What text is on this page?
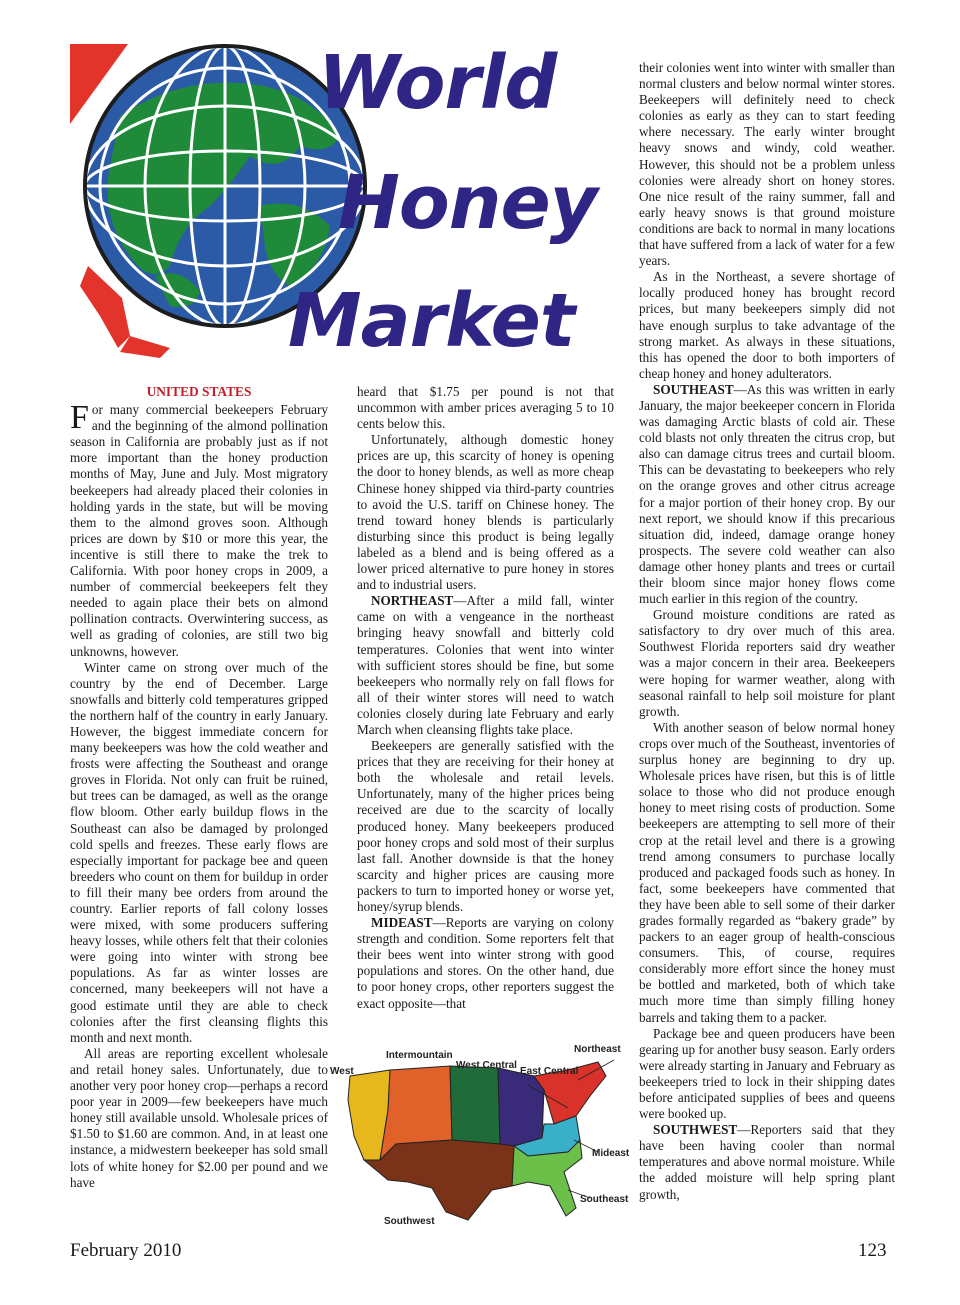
World
Honey
Market
UNITED STATES

For many commercial beekeepers February and the beginning of the almond pollination season in California are probably just as if not more important than the honey production months of May, June and July. Most migratory beekeepers had already placed their colonies in holding yards in the state, but will be moving them to the almond groves soon. Although prices are down by $10 or more this year, the incentive is still there to make the trek to California. With poor honey crops in 2009, a number of commercial beekeepers felt they needed to again place their bets on almond pollination contracts. Overwintering success, as well as grading of colonies, are still two big unknowns, however.

Winter came on strong over much of the country by the end of December. Large snowfalls and bitterly cold temperatures gripped the northern half of the country in early January. However, the biggest immediate concern for many beekeepers was how the cold weather and frosts were affecting the Southeast and orange groves in Florida. Not only can fruit be ruined, but trees can be damaged, as well as the orange flow bloom. Other early buildup flows in the Southeast can also be damaged by prolonged cold spells and freezes. These early flows are especially important for package bee and queen breeders who count on them for buildup in order to fill their many bee orders from around the country. Earlier reports of fall colony losses were mixed, with some producers suffering heavy losses, while others felt that their colonies were going into winter with strong bee populations. As far as winter losses are concerned, many beekeepers will not have a good estimate until they are able to check colonies after the first cleansing flights this month and next month.

All areas are reporting excellent wholesale and retail honey sales. Unfortunately, due to another very poor honey crop—perhaps a record poor year in 2009—few beekeepers have much honey still available unsold. Wholesale prices of $1.50 to $1.60 are common. And, in at least one instance, a midwestern beekeeper has sold small lots of white honey for $2.00 per pound and we have

heard that $1.75 per pound is not that uncommon with amber prices averaging 5 to 10 cents below this.

Unfortunately, although domestic honey prices are up, this scarcity of honey is opening the door to honey blends, as well as more cheap Chinese honey shipped via third-party countries to avoid the U.S. tariff on Chinese honey. The trend toward honey blends is particularly disturbing since this product is being legally labeled as a blend and is being offered as a lower priced alternative to pure honey in stores and to industrial users.

NORTHEAST—After a mild fall, winter came on with a vengeance in the northeast bringing heavy snowfall and bitterly cold temperatures. Colonies that went into winter with sufficient stores should be fine, but some beekeepers who normally rely on fall flows for all of their winter stores will need to watch colonies closely during late February and early March when cleansing flights take place.

Beekeepers are generally satisfied with the prices that they are receiving for their honey at both the wholesale and retail levels. Unfortunately, many of the higher prices being received are due to the scarcity of locally produced honey. Many beekeepers produced poor honey crops and sold most of their surplus last fall. Another downside is that the honey scarcity and higher prices are causing more packers to turn to imported honey or worse yet, honey/syrup blends.

MIDEAST—Reports are varying on colony strength and condition. Some reporters felt that their bees went into winter strong with good populations and stores. On the other hand, due to poor honey crops, other reporters suggest the exact opposite—that

their colonies went into winter with smaller than normal clusters and below normal winter stores. Beekeepers will definitely need to check colonies as early as they can to start feeding where necessary. The early winter brought heavy snows and windy, cold weather. However, this should not be a problem unless colonies were already short on honey stores. One nice result of the rainy summer, fall and early heavy snows is that ground moisture conditions are back to normal in many locations that have suffered from a lack of water for a few years.

As in the Northeast, a severe shortage of locally produced honey has brought record prices, but many beekeepers simply did not have enough surplus to take advantage of the strong market. As always in these situations, this has opened the door to both importers of cheap honey and honey adulterators.

SOUTHEAST—As this was written in early January, the major beekeeper concern in Florida was damaging Arctic blasts of cold air. These cold blasts not only threaten the citrus crop, but also can damage citrus trees and curtail bloom. This can be devastating to beekeepers who rely on the orange groves and other citrus acreage for a major portion of their honey crop. By our next report, we should know if this precarious situation did, indeed, damage orange honey prospects. The severe cold weather can also damage other honey plants and trees or curtail their bloom since major honey flows come much earlier in this region of the country.

Ground moisture conditions are rated as satisfactory to dry over much of this area. Southwest Florida reporters said dry weather was a major concern in their area. Beekeepers were hoping for warmer weather, along with seasonal rainfall to help soil moisture for plant growth.

With another season of below normal honey crops over much of the Southeast, inventories of surplus honey are beginning to dry up. Wholesale prices have risen, but this is of little solace to those who did not produce enough honey to meet rising costs of production. Some beekeepers are attempting to sell more of their crop at the retail level and there is a growing trend among consumers to purchase locally produced and packaged foods such as honey. In fact, some beekeepers have commented that they have been able to sell some of their darker grades formally regarded as “bakery grade” by packers to an eager group of health-conscious consumers. This, of course, requires considerably more effort since the honey must be bottled and marketed, both of which take much more time than simply filling honey barrels and taking them to a packer.

Package bee and queen producers have been gearing up for another busy season. Early orders were already starting in January and February as beekeepers tried to lock in their shipping dates before anticipated supplies of bees and queens were booked up.

SOUTHWEST—Reporters said that they have been having cooler than normal temperatures and above normal moisture. While the added moisture will help spring plant growth,

West
Intermountain
West Central
East Central
Northeast
Mideast
Southeast
Southwest
February 2010	123
